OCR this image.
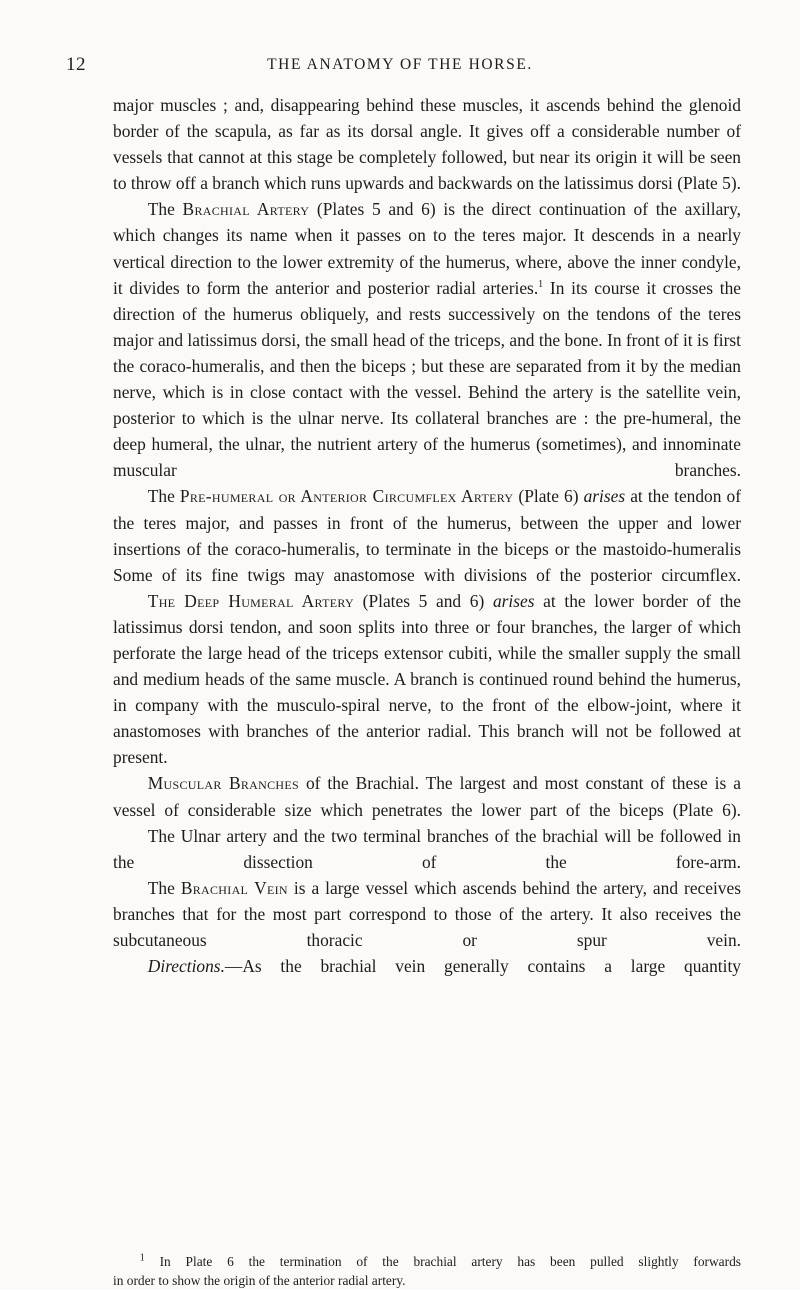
12	THE ANATOMY OF THE HORSE.

major muscles ; and, disappearing behind these muscles, it ascends behind the glenoid border of the scapula, as far as its dorsal angle. It gives off a considerable number of vessels that cannot at this stage be completely followed, but near its origin it will be seen to throw off a branch which runs upwards and backwards on the latissimus dorsi (Plate 5).

The Brachial Artery (Plates 5 and 6) is the direct continuation of the axillary, which changes its name when it passes on to the teres major. It descends in a nearly vertical direction to the lower extremity of the humerus, where, above the inner condyle, it divides to form the anterior and posterior radial arteries.$^1$ In its course it crosses the direction of the humerus obliquely, and rests successively on the tendons of the teres major and latissimus dorsi, the small head of the triceps, and the bone. In front of it is first the coraco-humeralis, and then the biceps ; but these are separated from it by the median nerve, which is in close contact with the vessel. Behind the artery is the satellite vein, posterior to which is the ulnar nerve. Its collateral branches are : the pre-humeral, the deep humeral, the ulnar, the nutrient artery of the humerus (sometimes), and innominate muscular branches.

The Pre-humeral or Anterior Circumflex Artery (Plate 6) arises at the tendon of the teres major, and passes in front of the humerus, between the upper and lower insertions of the coraco-humeralis, to terminate in the biceps or the mastoido-humeralis Some of its fine twigs may anastomose with divisions of the posterior circumflex.

The Deep Humeral Artery (Plates 5 and 6) arises at the lower border of the latissimus dorsi tendon, and soon splits into three or four branches, the larger of which perforate the large head of the triceps extensor cubiti, while the smaller supply the small and medium heads of the same muscle. A branch is continued round behind the humerus, in company with the musculo-spiral nerve, to the front of the elbow-joint, where it anastomoses with branches of the anterior radial. This branch will not be followed at present.

Muscular Branches of the Brachial. The largest and most constant of these is a vessel of considerable size which penetrates the lower part of the biceps (Plate 6).

The Ulnar artery and the two terminal branches of the brachial will be followed in the dissection of the fore-arm.

The Brachial Vein is a large vessel which ascends behind the artery, and receives branches that for the most part correspond to those of the artery. It also receives the subcutaneous thoracic or spur vein.

Directions.—As the brachial vein generally contains a large quantity

$^1$ In Plate 6 the termination of the brachial artery has been pulled slightly forwards
in order to show the origin of the anterior radial artery.
